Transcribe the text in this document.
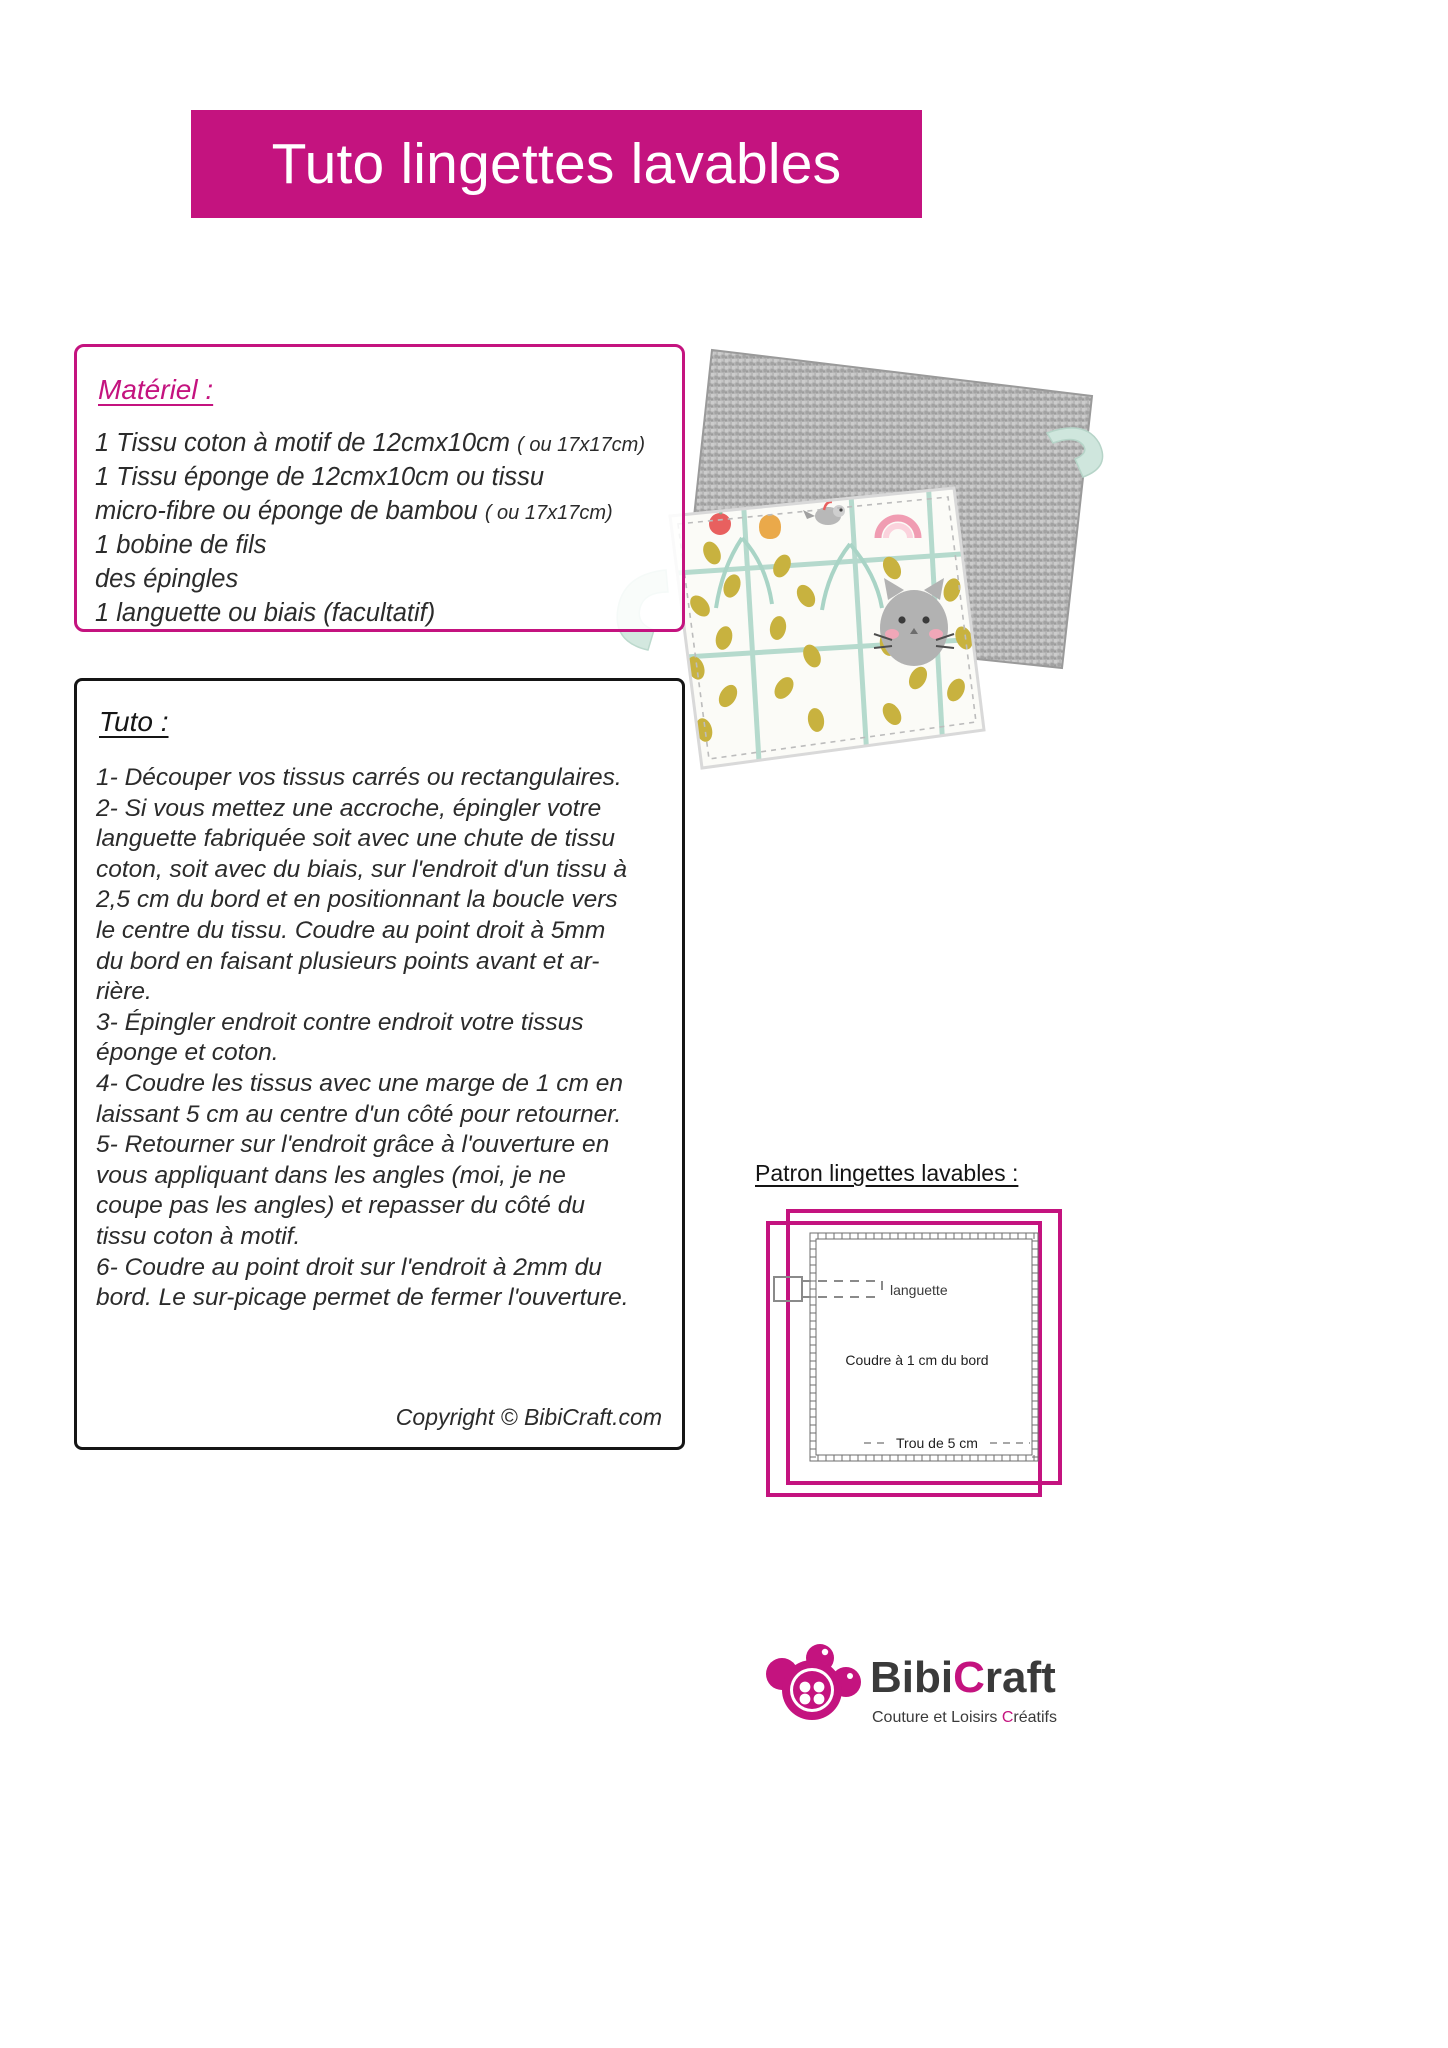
Tuto lingettes lavables
Matériel :
1 Tissu coton à motif de 12cmx10cm ( ou 17x17cm)
1 Tissu éponge de 12cmx10cm ou tissu
micro-fibre ou éponge de bambou ( ou 17x17cm)
1 bobine de fils
des épingles
1 languette ou biais (facultatif)
Tuto :
1- Découper vos tissus carrés ou rectangulaires.
2- Si vous mettez une accroche, épingler votre
languette fabriquée soit avec une chute de tissu
coton, soit avec du biais, sur l'endroit d'un tissu à
2,5 cm du bord et en positionnant la boucle vers
le centre du tissu. Coudre au point droit à 5mm
du bord en faisant plusieurs points avant et ar-
rière.
3- Épingler endroit contre endroit votre tissus
éponge et coton.
4- Coudre les tissus avec une marge de 1 cm en
laissant 5 cm au centre d'un côté pour retourner.
5- Retourner sur l'endroit grâce à l'ouverture en
vous appliquant dans les angles (moi, je ne
coupe pas les angles) et repasser du côté du
tissu coton à motif.
6- Coudre au point droit sur l'endroit à 2mm du
bord. Le sur-picage permet de fermer l'ouverture.
Copyright © BibiCraft.com
Patron lingettes lavables :
languette
Coudre à 1 cm du bord
Trou de 5 cm
BibiCraft
Couture et Loisirs Créatifs
